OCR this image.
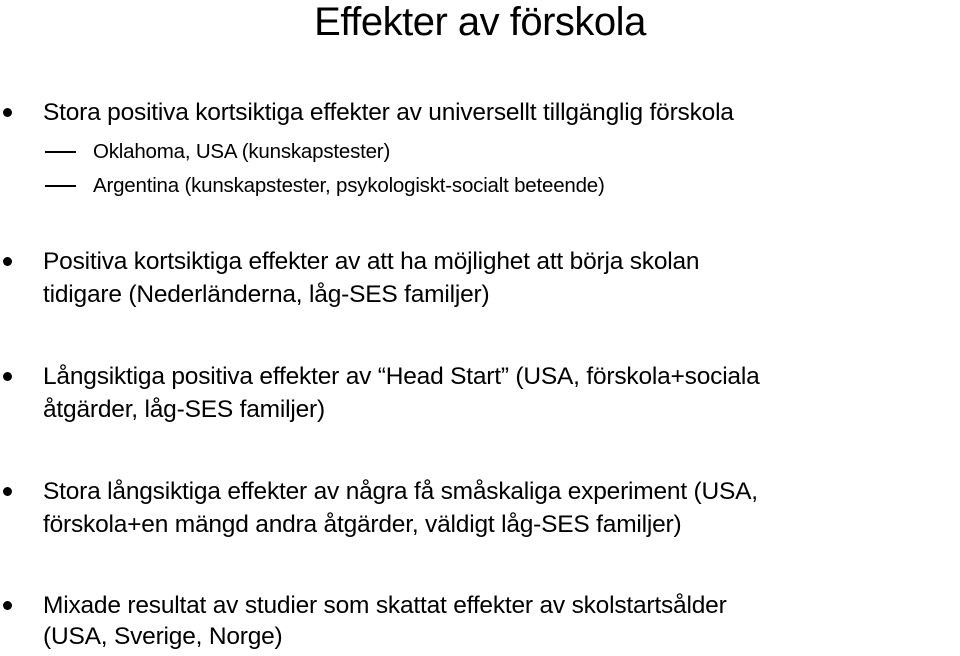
Effekter av förskola
Stora positiva kortsiktiga effekter av universellt tillgänglig förskola
Oklahoma, USA (kunskapstester)
Argentina (kunskapstester, psykologiskt-socialt beteende)
Positiva kortsiktiga effekter av att ha möjlighet att börja skolan
tidigare (Nederländerna, låg-SES familjer)
Långsiktiga positiva effekter av “Head Start” (USA, förskola+sociala
åtgärder, låg-SES familjer)
Stora långsiktiga effekter av några få småskaliga experiment (USA,
förskola+en mängd andra åtgärder, väldigt låg-SES familjer)
Mixade resultat av studier som skattat effekter av skolstartsålder
(USA, Sverige, Norge)
